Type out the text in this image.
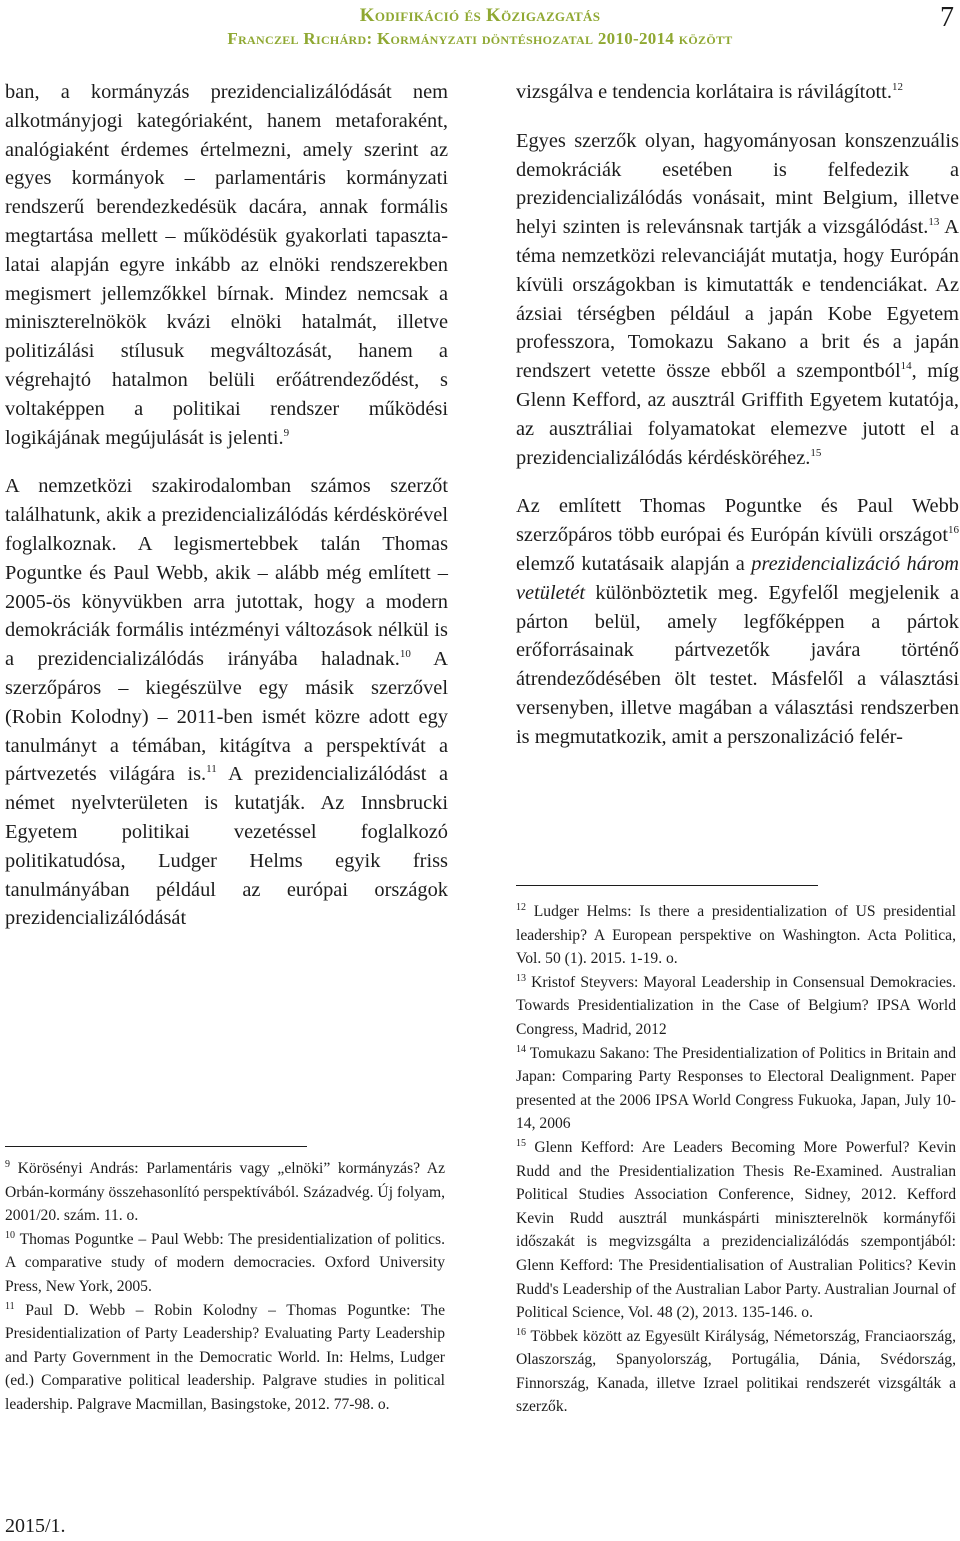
Kodifikáció és Közigazgatás
Franczel Richárd: Kormányzati döntéshozatal 2010-2014 között
7

ban, a kormányzás prezidencializálódását nem alkotmányjogi kategóriaként, hanem metaforaként, analógiaként érdemes értelmezni, amely szerint az egyes kormányok – parlamentáris kormányzati rendszerű berendezkedésük dacára, annak formális megtartása mellett – működésük gyakorlati tapasztalatai alapján egyre inkább az elnöki rendszerekben megismert jellemzőkkel bírnak. Mindez nemcsak a miniszterelnökök kvázi elnöki hatalmát, illetve politizálási stílusuk megváltozását, hanem a végrehajtó hatalmon belüli erőátrendeződést, s voltaképpen a politikai rendszer működési logikájának megújulását is jelenti.$^9$

A nemzetközi szakirodalomban számos szerzőt találhatunk, akik a prezidencializálódás kérdéskörével foglalkoznak. A legismertebbek talán Thomas Poguntke és Paul Webb, akik – alább még említett – 2005-ös könyvükben arra jutottak, hogy a modern demokráciák formális intézményi változások nélkül is a prezidencializálódás irányába haladnak.$^{10}$ A szerzőpáros – kiegészülve egy másik szerzővel (Robin Kolodny) – 2011-ben ismét közre adott egy tanulmányt a témában, kitágítva a perspektívát a pártvezetés világára is.$^{11}$ A prezidencializálódást a német nyelvterületen is kutatják. Az Innsbrucki Egyetem politikai vezetéssel foglalkozó politikatudósa, Ludger Helms egyik friss tanulmányában például az európai országok prezidencializálódását

$^9$ Körösényi András: Parlamentáris vagy „elnöki” kormányzás? Az Orbán-kormány összehasonlító perspektívából. Századvég. Új folyam, 2001/20. szám. 11. o.

$^{10}$ Thomas Poguntke – Paul Webb: The presidentialization of politics. A comparative study of modern democracies. Oxford University Press, New York, 2005.

$^{11}$ Paul D. Webb – Robin Kolodny – Thomas Poguntke: The Presidentialization of Party Leadership? Evaluating Party Leadership and Party Government in the Democratic World. In: Helms, Ludger (ed.) Comparative political leadership. Palgrave studies in political leadership. Palgrave Macmillan, Basingstoke, 2012. 77-98. o.

vizsgálva e tendencia korlátaira is rávilágított.$^{12}$

Egyes szerzők olyan, hagyományosan konszenzuális demokráciák esetében is felfedezik a prezidencializálódás vonásait, mint Belgium, illetve helyi szinten is relevánsnak tartják a vizsgálódást.$^{13}$ A téma nemzetközi relevanciáját mutatja, hogy Európán kívüli országokban is kimutatták e tendenciákat. Az ázsiai térségben például a japán Kobe Egyetem professzora, Tomokazu Sakano a brit és a japán rendszert vetette össze ebből a szempontból$^{14}$, míg Glenn Kefford, az ausztrál Griffith Egyetem kutatója, az ausztráliai folyamatokat elemezve jutott el a prezidencializálódás kérdésköréhez.$^{15}$

Az említett Thomas Poguntke és Paul Webb szerzőpáros több európai és Európán kívüli országot$^{16}$ elemző kutatásaik alapján a prezidencializáció három vetületét különböztetik meg. Egyfelől megjelenik a párton belül, amely legfőképpen a pártok erőforrásainak pártvezetők javára történő átrendeződésében ölt testet. Másfelől a választási versenyben, illetve magában a választási rendszerben is megmutatkozik, amit a perszonalizáció felér-

$^{12}$ Ludger Helms: Is there a presidentialization of US presidential leadership? A European perspektive on Washington. Acta Politica, Vol. 50 (1). 2015. 1-19. o.

$^{13}$ Kristof Steyvers: Mayoral Leadership in Consensual Demokracies. Towards Presidentialization in the Case of Belgium? IPSA World Congress, Madrid, 2012

$^{14}$ Tomukazu Sakano: The Presidentialization of Politics in Britain and Japan: Comparing Party Responses to Electoral Dealignment. Paper presented at the 2006 IPSA World Congress Fukuoka, Japan, July 10-14, 2006

$^{15}$ Glenn Kefford: Are Leaders Becoming More Powerful? Kevin Rudd and the Presidentialization Thesis Re-Examined. Australian Political Studies Association Conference, Sidney, 2012. Kefford Kevin Rudd ausztrál munkáspárti miniszterelnök kormányfői időszakát is megvizsgálta a prezidencializálódás szempontjából: Glenn Kefford: The Presidentialisation of Australian Politics? Kevin Rudd's Leadership of the Australian Labor Party. Australian Journal of Political Science, Vol. 48 (2), 2013. 135-146. o.

$^{16}$ Többek között az Egyesült Királyság, Németország, Franciaország, Olaszország, Spanyolország, Portugália, Dánia, Svédország, Finnország, Kanada, illetve Izrael politikai rendszerét vizsgálták a szerzők.

2015/1.
